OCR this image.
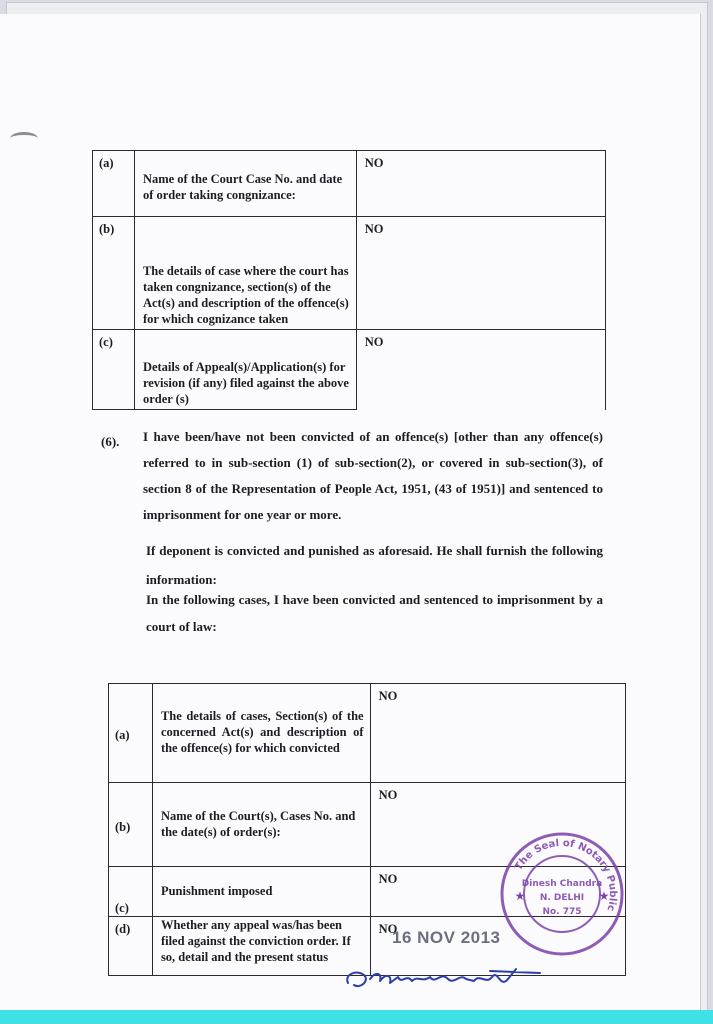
(a)	Name of the Court Case No. and date of order taking congnizance:	NO
(b)	The details of case where the court has taken congnizance, section(s) of the Act(s) and description of the offence(s) for which cognizance taken	NO
(c)	Details of Appeal(s)/Application(s) for revision (if any) filed against the above order (s)	NO
(6). I have been/have not been convicted of an offence(s) [other than any offence(s) referred to in sub-section (1) of sub-section(2), or covered in sub-section(3), of section 8 of the Representation of People Act, 1951, (43 of 1951)] and sentenced to imprisonment for one year or more.
If deponent is convicted and punished as aforesaid. He shall furnish the following information:
In the following cases, I have been convicted and sentenced to imprisonment by a court of law:
(a)	The details of cases, Section(s) of the concerned Act(s) and description of the offence(s) for which convicted	NO
(b)	Name of the Court(s), Cases No. and the date(s) of order(s):	NO
(c)	Punishment imposed	NO
(d)	Whether any appeal was/has been filed against the conviction order. If so, detail and the present status	NO
The Seal of Notary Public
Dinesh Chandra
N. DELHI
No. 775
★	★
16 NOV 2013
